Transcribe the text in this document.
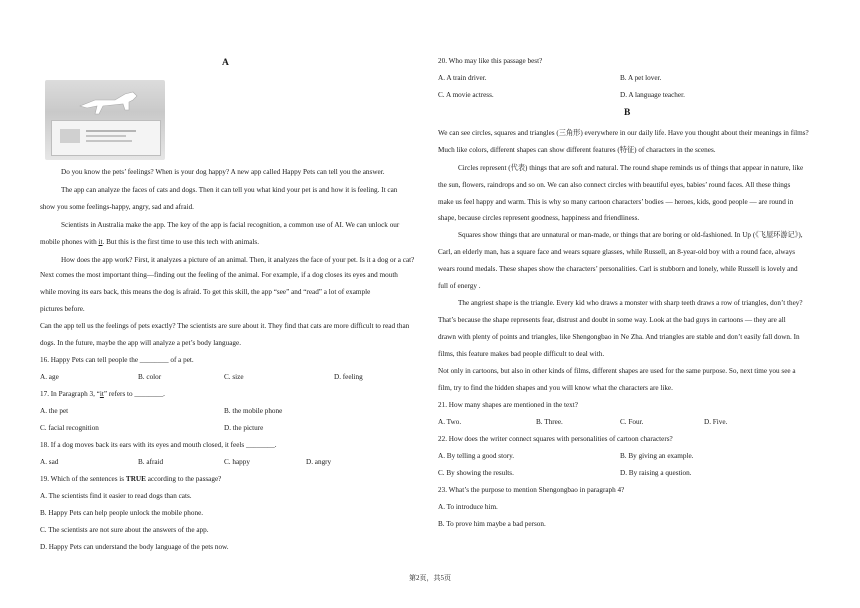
A
Do you know the pets’ feelings? When is your dog happy? A new app called Happy Pets can tell you the answer.
The app can analyze the faces of cats and dogs. Then it can tell you what kind your pet is and how it is feeling. It can
show you some feelings-happy, angry, sad and afraid.
Scientists in Australia make the app. The key of the app is facial recognition, a common use of AI. We can unlock our
mobile phones with it. But this is the first time to use this tech with animals.
How does the app work? First, it analyzes a picture of an animal. Then, it analyzes the face of your pet. Is it a dog or a cat?
Next comes the most important thing—finding out the feeling of the animal. For example, if a dog closes its eyes and mouth
while moving its ears back, this means the dog is afraid. To get this skill, the app “see” and “read” a lot of example
pictures before.
Can the app tell us the feelings of pets exactly? The scientists are sure about it. They find that cats are more difficult to read than
dogs. In the future, maybe the app will analyze a pet’s body language.
16. Happy Pets can tell people the ________ of a pet.
A. age	B. color	C. size	D. feeling
17. In Paragraph 3, “it” refers to ________.
A. the pet	B. the mobile phone
C. facial recognition	D. the picture
18. If a dog moves back its ears with its eyes and mouth closed, it feels ________.
A. sad	B. afraid	C. happy	D. angry
19. Which of the sentences is TRUE according to the passage?
A. The scientists find it easier to read dogs than cats.
B. Happy Pets can help people unlock the mobile phone.
C. The scientists are not sure about the answers of the app.
D. Happy Pets can understand the body language of the pets now.
20. Who may like this passage best?
A. A train driver.	B. A pet lover.
C. A movie actress.	D. A language teacher.
B
We can see circles, squares and triangles (三角形) everywhere in our daily life. Have you thought about their meanings in films?
Much like colors, different shapes can show different features (特征) of characters in the scenes.
Circles represent (代表) things that are soft and natural. The round shape reminds us of things that appear in nature, like
the sun, flowers, raindrops and so on. We can also connect circles with beautiful eyes, babies’ round faces. All these things
make us feel happy and warm. This is why so many cartoon characters’ bodies — heroes, kids, good people — are round in
shape, because circles represent goodness, happiness and friendliness.
Squares show things that are unnatural or man-made, or things that are boring or old-fashioned. In Up (《飞屋环游记》),
Carl, an elderly man, has a square face and wears square glasses, while Russell, an 8-year-old boy with a round face, always
wears round medals. These shapes show the characters’ personalities. Carl is stubborn and lonely, while Russell is lovely and
full of energy .
The angriest shape is the triangle. Every kid who draws a monster with sharp teeth draws a row of triangles, don’t they?
That’s because the shape represents fear, distrust and doubt in some way. Look at the bad guys in cartoons — they are all
drawn with plenty of points and triangles, like Shengongbao in Ne Zha. And triangles are stable and don’t easily fall down. In
films, this feature makes bad people difficult to deal with.
Not only in cartoons, but also in other kinds of films, different shapes are used for the same purpose. So, next time you see a
film, try to find the hidden shapes and you will know what the characters are like.
21. How many shapes are mentioned in the text?
A. Two.	B. Three.	C. Four.	D. Five.
22. How does the writer connect squares with personalities of cartoon characters?
A. By telling a good story.	B. By giving an example.
C. By showing the results.	D. By raising a question.
23. What’s the purpose to mention Shengongbao in paragraph 4?
A. To introduce him.
B. To prove him maybe a bad person.
第2页，共5页
